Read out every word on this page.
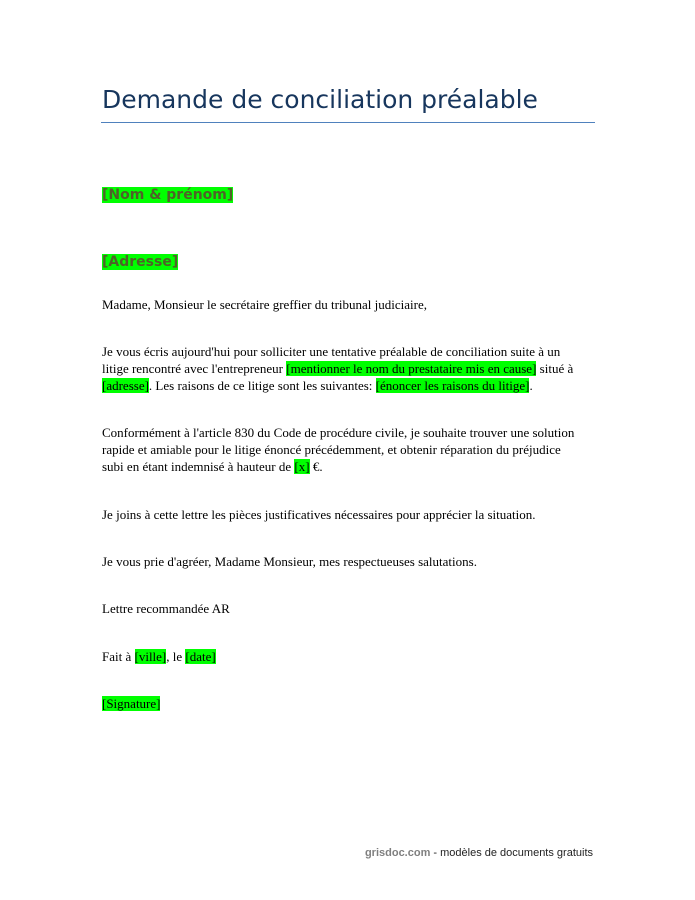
Demande de conciliation préalable

[Nom & prénom]

[Adresse]

Madame, Monsieur le secrétaire greffier du tribunal judiciaire,

Je vous écris aujourd'hui pour solliciter une tentative préalable de conciliation suite à un
litige rencontré avec l'entrepreneur [mentionner le nom du prestataire mis en cause] situé à
[adresse]. Les raisons de ce litige sont les suivantes: [énoncer les raisons du litige].

Conformément à l'article 830 du Code de procédure civile, je souhaite trouver une solution
rapide et amiable pour le litige énoncé précédemment, et obtenir réparation du préjudice
subi en étant indemnisé à hauteur de [x] €.

Je joins à cette lettre les pièces justificatives nécessaires pour apprécier la situation.

Je vous prie d'agréer, Madame Monsieur, mes respectueuses salutations.

Lettre recommandée AR

Fait à [ville], le [date]

[Signature]

grisdoc.com - modèles de documents gratuits
